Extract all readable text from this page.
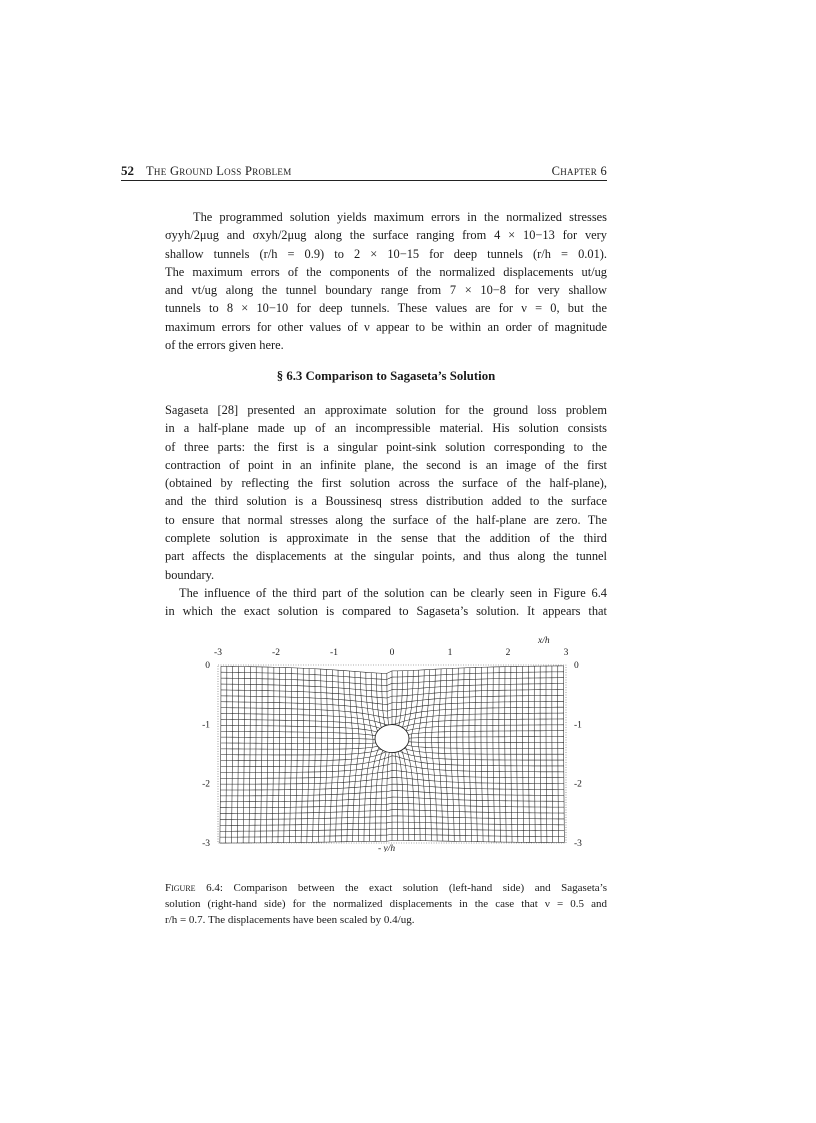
52 The Ground Loss Problem	Chapter 6
The programmed solution yields maximum errors in the normalized stresses
σyyh/2μug and σxyh/2μug along the surface ranging from 4 × 10−13 for very
shallow tunnels (r/h = 0.9) to 2 × 10−15 for deep tunnels (r/h = 0.01).
The maximum errors of the components of the normalized displacements ut/ug
and vt/ug along the tunnel boundary range from 7 × 10−8 for very shallow
tunnels to 8 × 10−10 for deep tunnels. These values are for ν = 0, but the
maximum errors for other values of ν appear to be within an order of magnitude
of the errors given here.
§ 6.3 Comparison to Sagaseta’s Solution
Sagaseta [28] presented an approximate solution for the ground loss problem
in a half-plane made up of an incompressible material. His solution consists
of three parts: the first is a singular point-sink solution corresponding to the
contraction of point in an infinite plane, the second is an image of the first
(obtained by reflecting the first solution across the surface of the half-plane),
and the third solution is a Boussinesq stress distribution added to the surface
to ensure that normal stresses along the surface of the half-plane are zero. The
complete solution is approximate in the sense that the addition of the third
part affects the displacements at the singular points, and thus along the tunnel
boundary.
The influence of the third part of the solution can be clearly seen in Figure 6.4
in which the exact solution is compared to Sagaseta’s solution. It appears that
-3	-2	-1	0	1	2	3
0
-1
-2
-3
0
-1
-2
-3
x/h
- y/h
Figure 6.4: Comparison between the exact solution (left-hand side) and Sagaseta’s
solution (right-hand side) for the normalized displacements in the case that ν = 0.5 and
r/h = 0.7. The displacements have been scaled by 0.4/ug.
